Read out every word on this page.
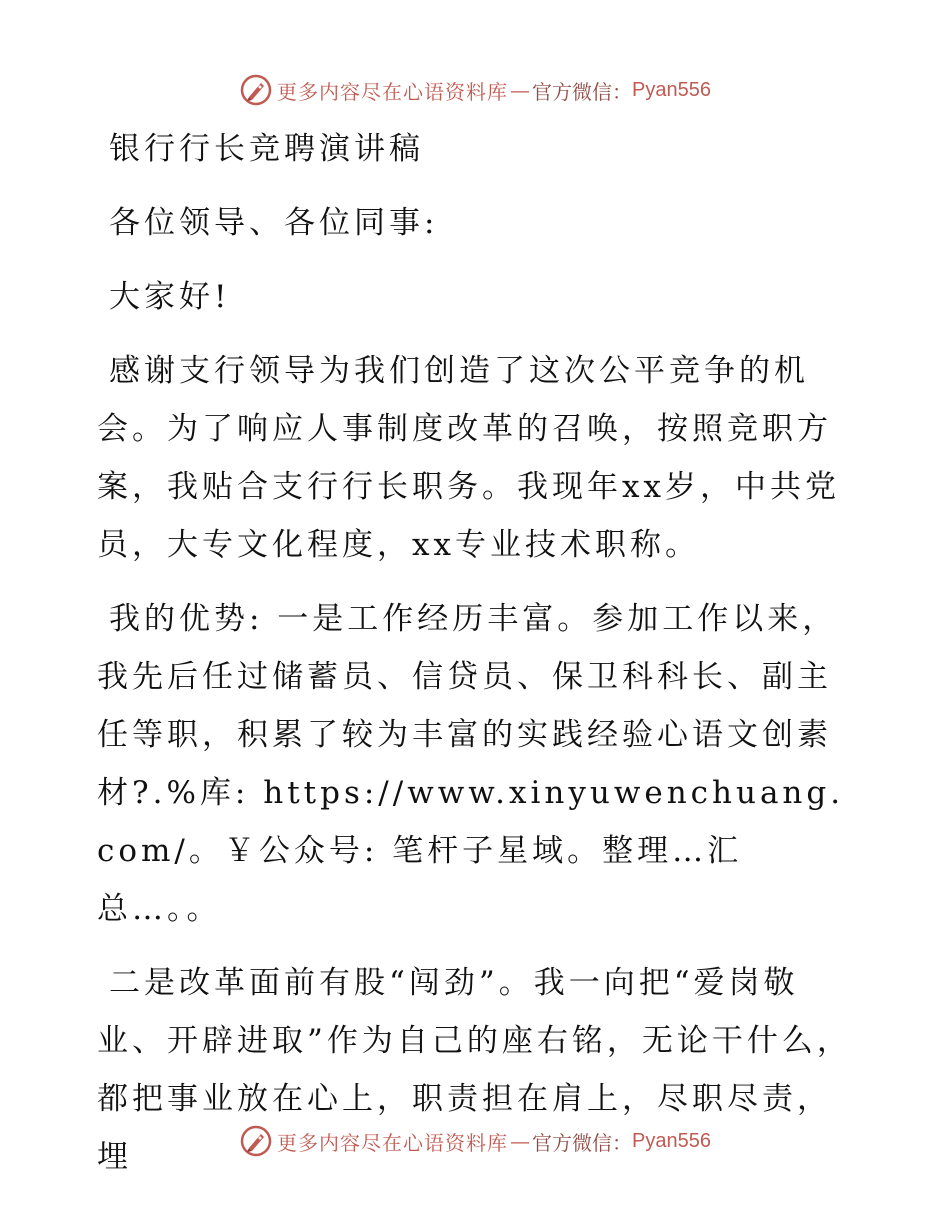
更多内容尽在心语资料库 — 官方微信： Pyan556

银行行长竞聘演讲稿

各位领导、各位同事:

大家好!

感谢支行领导为我们创造了这次公平竞争的机会。为了响应人事制度改革的召唤，按照竞职方案，我贴合支行行长职务。我现年xx岁，中共党员，大专文化程度，xx专业技术职称。

我的优势: 一是工作经历丰富。参加工作以来，我先后任过储蓄员、信贷员、保卫科科长、副主任等职，积累了较为丰富的实践经验心语文创素材?.%库: https://www.xinyuwenchuang.com/。￥公众号: 笔杆子星域。整理…汇总…。。

二是改革面前有股“闯劲”。我一向把“爱岗敬业、开辟进取”作为自己的座右铭，无论干什么，都把事业放在心上，职责担在肩上，尽职尽责，埋	更多内容尽在心语资料库 — 官方微信： Pyan556
